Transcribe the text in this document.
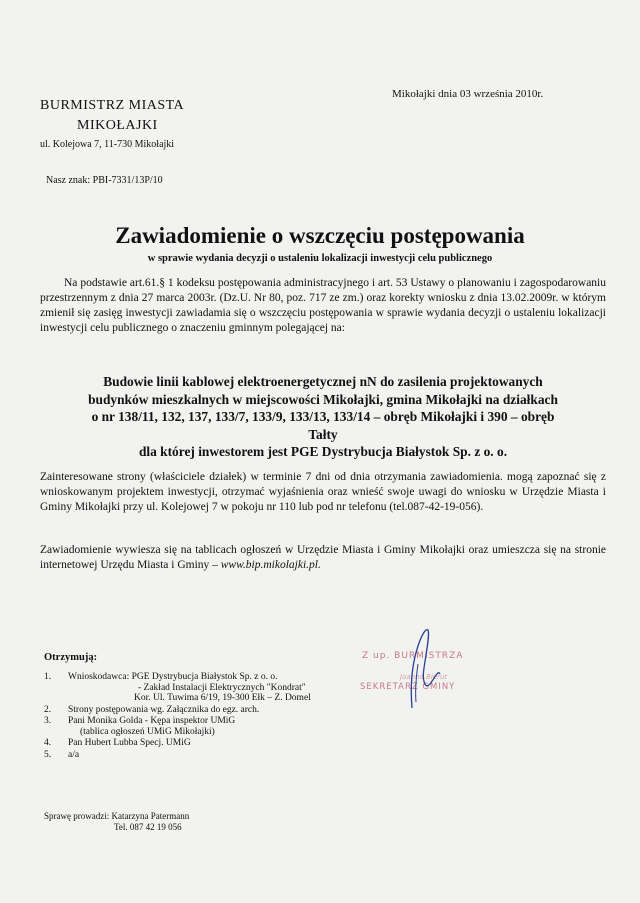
Mikołajki dnia 03 września 2010r.
BURMISTRZ MIASTA
MIKOŁAJKI
ul. Kolejowa 7, 11-730 Mikołajki
Nasz znak: PBI-7331/13P/10
Zawiadomienie o wszczęciu postępowania
w sprawie wydania decyzji o ustaleniu lokalizacji inwestycji celu publicznego
Na podstawie art.61.§ 1 kodeksu postępowania administracyjnego i art. 53 Ustawy o planowaniu i zagospodarowaniu przestrzennym z dnia 27 marca 2003r. (Dz.U. Nr 80, poz. 717 ze zm.) oraz korekty wniosku z dnia 13.02.2009r. w którym zmienił się zasięg inwestycji zawiadamia się o wszczęciu postępowania w sprawie wydania decyzji o ustaleniu lokalizacji inwestycji celu publicznego o znaczeniu gminnym polegającej na:
Budowie linii kablowej elektroenergetycznej nN do zasilenia projektowanych
budynków mieszkalnych w miejscowości Mikołajki, gmina Mikołajki na działkach
o nr 138/11, 132, 137, 133/7, 133/9, 133/13, 133/14 – obręb Mikołajki i 390 – obręb
Tałty
dla której inwestorem jest PGE Dystrybucja Białystok Sp. z o. o.
Zainteresowane strony (właściciele działek) w terminie 7 dni od dnia otrzymania zawiadomienia. mogą zapoznać się z wnioskowanym projektem inwestycji, otrzymać wyjaśnienia oraz wnieść swoje uwagi do wniosku w Urzędzie Miasta i Gminy Mikołajki przy ul. Kolejowej 7 w pokoju nr 110 lub pod nr telefonu (tel.087-42-19-056).
Zawiadomienie wywiesza się na tablicach ogłoszeń w Urzędzie Miasta i Gminy Mikołajki oraz umieszcza się na stronie internetowej Urzędu Miasta i Gminy – www.bip.mikolajki.pl.
Otrzymują:
1.	Wnioskodawca: PGE Dystrybucja Białystok Sp. z o. o.
- Zakład Instalacji Elektrycznych "Kondrat"
Kor. Ul. Tuwima 6/19, 19-300 Ełk – Z. Domel
2.	Strony postępowania wg. Załącznika do egz. arch.
3.	Pani Monika Golda - Kępa inspektor UMiG
(tablica ogłoszeń UMiG Mikołajki)
4.	Pan Hubert Lubba Specj. UMiG
5.	a/a
Z up. BURMISTRZA
Joanna Bierut
SEKRETARZ GMINY
Sprawę prowadzi: Katarzyna Patermann
Tel. 087 42 19 056
